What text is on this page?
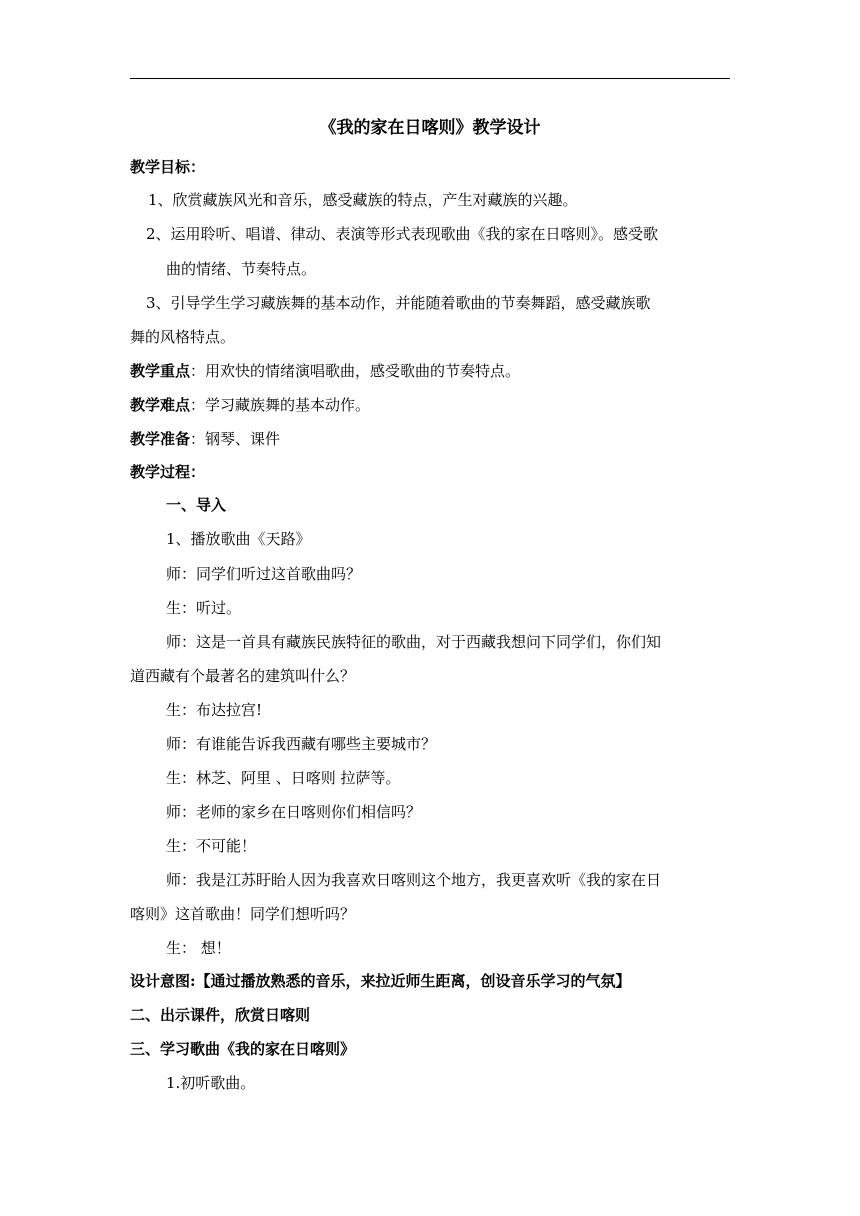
《我的家在日喀则》教学设计
教学目标：
1、欣赏藏族风光和音乐，感受藏族的特点，产生对藏族的兴趣。
2、运用聆听、唱谱、律动、表演等形式表现歌曲《我的家在日喀则》。感受歌
曲的情绪、节奏特点。
3、引导学生学习藏族舞的基本动作，并能随着歌曲的节奏舞蹈，感受藏族歌
舞的风格特点。
教学重点：用欢快的情绪演唱歌曲，感受歌曲的节奏特点。
教学难点：学习藏族舞的基本动作。
教学准备：钢琴、课件
教学过程：
一、导入
1、播放歌曲《天路》
师：同学们听过这首歌曲吗？
生：听过。
师：这是一首具有藏族民族特征的歌曲，对于西藏我想问下同学们，你们知
道西藏有个最著名的建筑叫什么？
生：布达拉宫!
师：有谁能告诉我西藏有哪些主要城市？
生：林芝、阿里 、日喀则 拉萨等。
师：老师的家乡在日喀则你们相信吗？
生：不可能！
师：我是江苏盱眙人因为我喜欢日喀则这个地方，我更喜欢听《我的家在日
喀则》这首歌曲！同学们想听吗？
生： 想！
设计意图:【通过播放熟悉的音乐，来拉近师生距离，创设音乐学习的气氛】
二、出示课件，欣赏日喀则
三、学习歌曲《我的家在日喀则》
1.初听歌曲。
